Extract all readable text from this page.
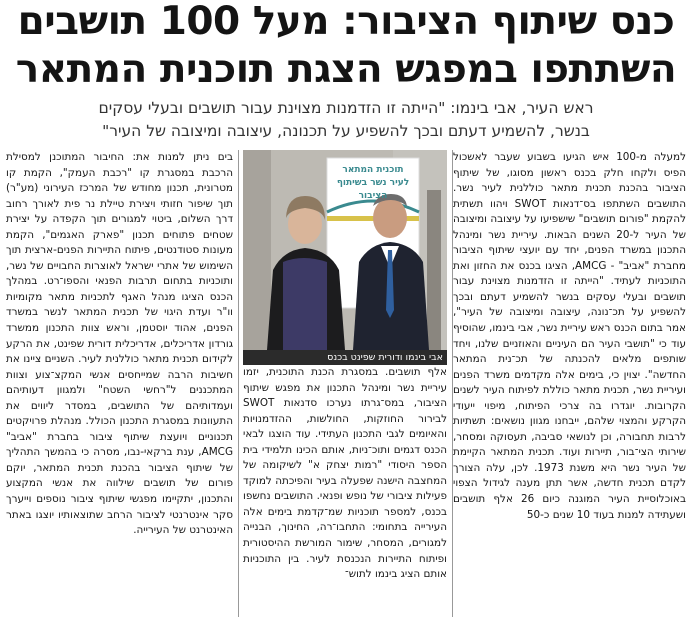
כנס שיתוף הציבור: מעל 100 תושבים
השתתפו במפגש הצגת תוכנית המתאר
ראש העיר, אבי בינמו: "הייתה זו הזדמנות מצוינת עבור תושבים ובעלי עסקים
בנשר, להשמיע דעתם ובכך להשפיע על תכנונה, עיצובה ומיצובה של העיר"

למעלה מ-100 איש הגיעו בשבוע שעבר לאשכול הפיס ולקחו חלק בכנס ראשון מסוגו, של שיתוף הציבור בהכנת תכנית מתאר כוללנית לעיר נשר. התושבים השתתפו בס־דנאות SWOT ויהוו תשתית להקמת "פורום תושבים" שישפיעו על עיצובה ומיצובה של העיר ל-20 השנים הבאות. עיריית נשר ומינהל התכנון במשרד הפנים, יחד עם יועצי שיתוף הציבור מחברת "אביב" - AMCG, הציגו בכנס את החזון ואת התוכניות לעתיד. "הייתה זו הזדמנות מצוינת עבור תושבים ובעלי עסקים בנשר להשמיע דעתם ובכך להשפיע על תכ־נונה, עיצובה ומיצובה של העיר", אמר בתום הכנס ראש עיריית נשר, אבי בינמו, שהוסיף עוד כי "תושבי העיר הם העיניים והאוזניים שלנו, ויחד שותפים מלאים להכנתה של תכ־נית המתאר החדשה". יצוין כי, בימים אלה מקדמים משרד הפנים ועיריית נשר, תכנית מתאר כוללת לפיתוח העיר לשנים הקרובות. יוגדרו בה צרכי הפיתוח, מיפוי ייעודי הקרקע והמצוי שלהם, ייבחנו מגוון נושאים: תשתיות לרבות תחבורה, וכן לנושאי סביבה, תעסוקה ומסחר, שירותי הצי־בור, תיירות ועוד. תכנית המתאר הקיימת של העיר נשר היא משנת 1973. לכן, עלה הצורך לקדם תכנית חדשה, אשר תתן מענה לגידול הצפוי באוכלוסיית העיר המוגנה כיום 26 אלף תושבים ושעתידה למנות בעוד 10 שנים כ-50

תוכנית המתאר לעיר נשר בשיתוף הציבור
אבי בינמו ודורית שפינט בכנס

אלף תושבים. במסגרת הכנת התוכנית, יזמו עיריית נשר ומינהל התכנון את מפגש שיתוף הציבור, במס־גרתו נערכו סדנאות SWOT לבירור החוזקות, החולשות, ההזדמנויות והאיומים לגבי התכנון העתידי. עוד הוצגו לבאי הכנס דגמים ותוכ־ניות, אותם הכינו תלמידי בית הספר היסודי "רמות יצחק א" לשיקומה של המחצבה הישנה שפעלה בעיר והפיכתה למוקד פעילות ציבורי של נופש ופנאי. התושבים נחשפו בכנס, למספר תוכניות שמ־קדמת בימים אלה העירייה בתחומי: התחבו־רה, החינוך, הבנייה למגורים, המסחר, שימור המורשת ההיסטורית ופיתוח התיירות הנכנסת לעיר. בין התוכניות אותם הציג בינמו לתוש־

בים ניתן למנות את: החיבור המתוכנן למסילת הרכבת במסגרת קו "רכבת העמק", הקמת קו מטרונית, תכנון מחודש של המרכז העירוני (מע"ר) תוך שיפור חזותי ויצירת טיילת נר פית לאורך רחוב דרך השלום, ביטוי למגורים תוך הקפדה על יצירת שטחים פתוחים תכנון "פארק האגמים", הקמת מעונות סטודנטים, פיתוח התיירות הפנים-ארצית תוך השימוש של אתרי ישראל לאוצרות החבויים של נשר, ותוכניות בתחום תרבות הפנאי והספו־רט. במהלך הכנס הציגו מנהל האגף לתכניות מתאר מקומיות וו"ר ועדת היגוי של תכנית המתאר לנשר במשרד הפנים, אהוד יוסטמן, וראש צוות התכנון ממשרד גורדון אדריכלים, אדריכלית דורית שפינט, את הרקע לקידום תכנית מתאר כוללנית לעיר. השניים ציינו את חשיבות הרבה שמייחסים אנשי המקצ־צוע וצוות המתכננים ל"רחשי השטח" ולמגוון דעותיהם ועמדותיהם של התושבים, במסדר ליווים את התעוונות במסגרת התכנון הכולל. מנהלת פרויקטים תכנוניים ויועצת שיתוף ציבור בחברת "אביב" AMCG, ענת ברקאי-נבו, מסרה כי בהמשך התהליך של שיתוף הציבור בהכנת תכנית המתאר, יוקם פורום של תושבים שילווה את אנשי המקצוע והתכנון, יתקיימו מפגשי שיתוף ציבור נוספים וייערך סקר אינטרנטי לציבור הרחב שתוצאותיו יוצגו באתר האינטרנט של העירייה.
